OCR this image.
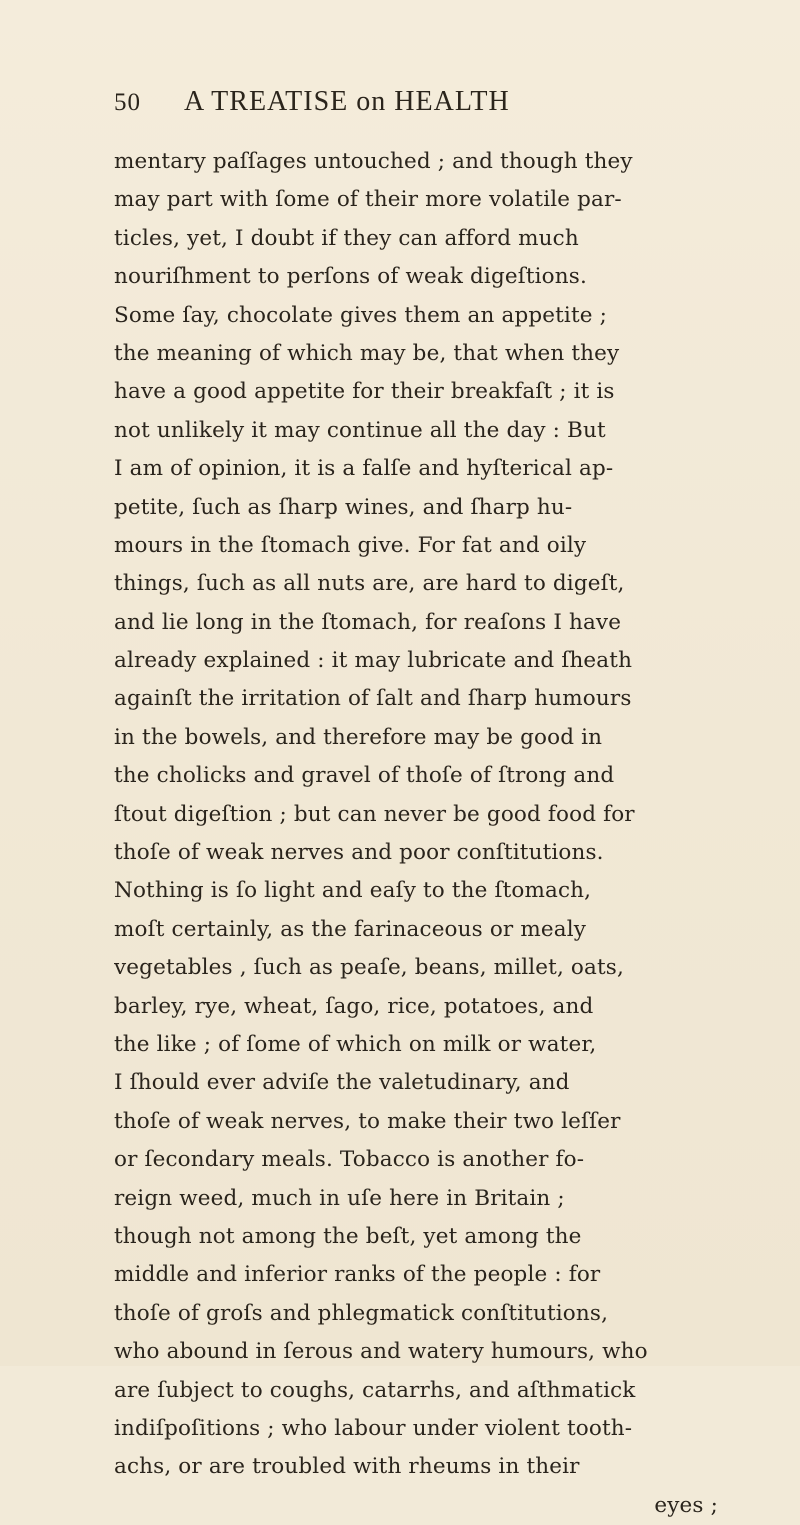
50 A TREATISE on HEALTH
mentary paſſages untouched ; and though they
may part with ſome of their more volatile par-
ticles, yet, I doubt if they can afford much
nouriſhment to perſons of weak digeſtions.
Some ſay, chocolate gives them an appetite ;
the meaning of which may be, that when they
have a good appetite for their breakfaſt ; it is
not unlikely it may continue all the day : But
I am of opinion, it is a falſe and hyſterical ap-
petite, ſuch as ſharp wines, and ſharp hu-
mours in the ſtomach give. For fat and oily
things, ſuch as all nuts are, are hard to digeſt,
and lie long in the ſtomach, for reaſons I have
already explained : it may lubricate and ſheath
againſt the irritation of ſalt and ſharp humours
in the bowels, and therefore may be good in
the cholicks and gravel of thoſe of ſtrong and
ſtout digeſtion ; but can never be good food for
thoſe of weak nerves and poor conſtitutions.
Nothing is ſo light and eaſy to the ſtomach,
moſt certainly, as the farinaceous or mealy
vegetables , ſuch as peaſe, beans, millet, oats,
barley, rye, wheat, ſago, rice, potatoes, and
the like ; of ſome of which on milk or water,
I ſhould ever adviſe the valetudinary, and
thoſe of weak nerves, to make their two leſſer
or ſecondary meals. Tobacco is another fo-
reign weed, much in uſe here in Britain ;
though not among the beſt, yet among the
middle and inferior ranks of the people : for
thoſe of groſs and phlegmatick conſtitutions,
who abound in ſerous and watery humours, who
are ſubject to coughs, catarrhs, and aſthmatick
indiſpoſitions ; who labour under violent tooth-
achs, or are troubled with rheums in their
eyes ;
